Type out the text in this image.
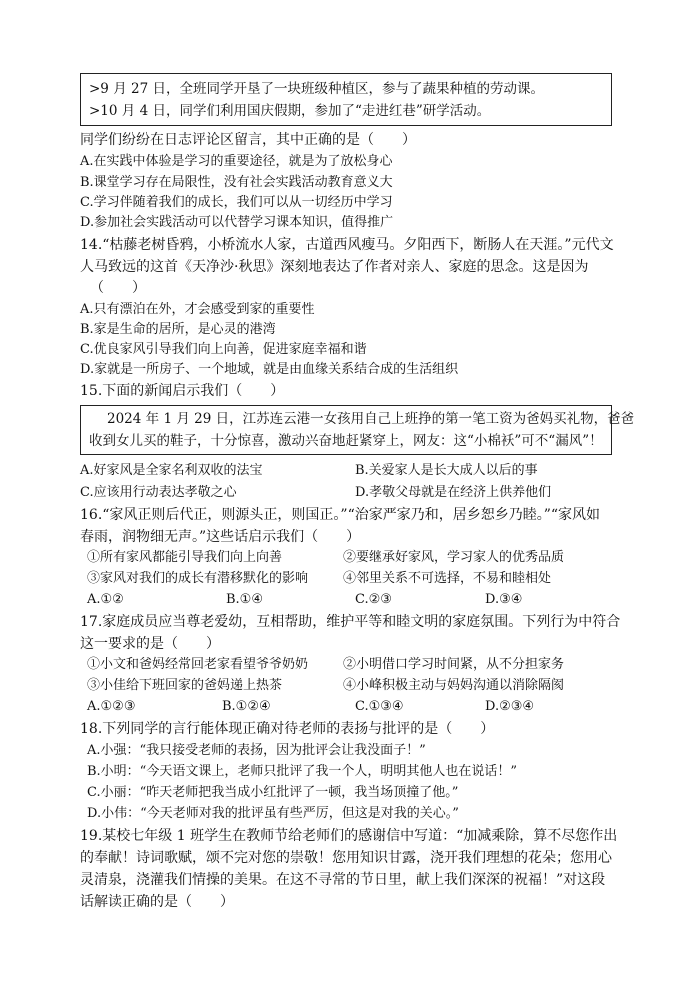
>9 月 27 日，全班同学开垦了一块班级种植区，参与了蔬果种植的劳动课。
>10 月 4 日，同学们利用国庆假期，参加了“走进红巷”研学活动。
同学们纷纷在日志评论区留言，其中正确的是（　　）
A.在实践中体验是学习的重要途径，就是为了放松身心
B.课堂学习存在局限性，没有社会实践活动教育意义大
C.学习伴随着我们的成长，我们可以从一切经历中学习
D.参加社会实践活动可以代替学习课本知识，值得推广
14.“枯藤老树昏鸦，小桥流水人家，古道西风瘦马。夕阳西下，断肠人在天涯。”元代文
人马致远的这首《天净沙·秋思》深刻地表达了作者对亲人、家庭的思念。这是因为
（　　）
A.只有漂泊在外，才会感受到家的重要性
B.家是生命的居所，是心灵的港湾
C.优良家风引导我们向上向善，促进家庭幸福和谐
D.家就是一所房子、一个地域，就是由血缘关系结合成的生活组织
15.下面的新闻启示我们（　　）
2024 年 1 月 29 日，江苏连云港一女孩用自己上班挣的第一笔工资为爸妈买礼物，爸爸
收到女儿买的鞋子，十分惊喜，激动兴奋地赶紧穿上，网友：这“小棉袄”可不“漏风”！
A.好家风是全家名利双收的法宝	B.关爱家人是长大成人以后的事
C.应该用行动表达孝敬之心	D.孝敬父母就是在经济上供养他们
16.“家风正则后代正，则源头正，则国正。”“治家严家乃和，居乡恕乡乃睦。”“家风如
春雨，润物细无声。”这些话启示我们（　　）
①所有家风都能引导我们向上向善	②要继承好家风，学习家人的优秀品质
③家风对我们的成长有潜移默化的影响	④邻里关系不可选择，不易和睦相处
A.①②	B.①④	C.②③	D.③④
17.家庭成员应当尊老爱幼，互相帮助，维护平等和睦文明的家庭氛围。下列行为中符合
这一要求的是（　　）
①小文和爸妈经常回老家看望爷爷奶奶	②小明借口学习时间紧，从不分担家务
③小佳给下班回家的爸妈递上热茶	④小峰积极主动与妈妈沟通以消除隔阂
A.①②③	B.①②④	C.①③④	D.②③④
18.下列同学的言行能体现正确对待老师的表扬与批评的是（　　）
A.小强：“我只接受老师的表扬，因为批评会让我没面子！”
B.小明：“今天语文课上，老师只批评了我一个人，明明其他人也在说话！”
C.小丽：“昨天老师把我当成小红批评了一顿，我当场顶撞了他。”
D.小伟：“今天老师对我的批评虽有些严厉，但这是对我的关心。”
19.某校七年级 1 班学生在教师节给老师们的感谢信中写道：“加减乘除，算不尽您作出
的奉献！诗词歌赋，颂不完对您的崇敬！您用知识甘露，浇开我们理想的花朵；您用心
灵清泉，浇灌我们情操的美果。在这不寻常的节日里，献上我们深深的祝福！”对这段
话解读正确的是（　　）
